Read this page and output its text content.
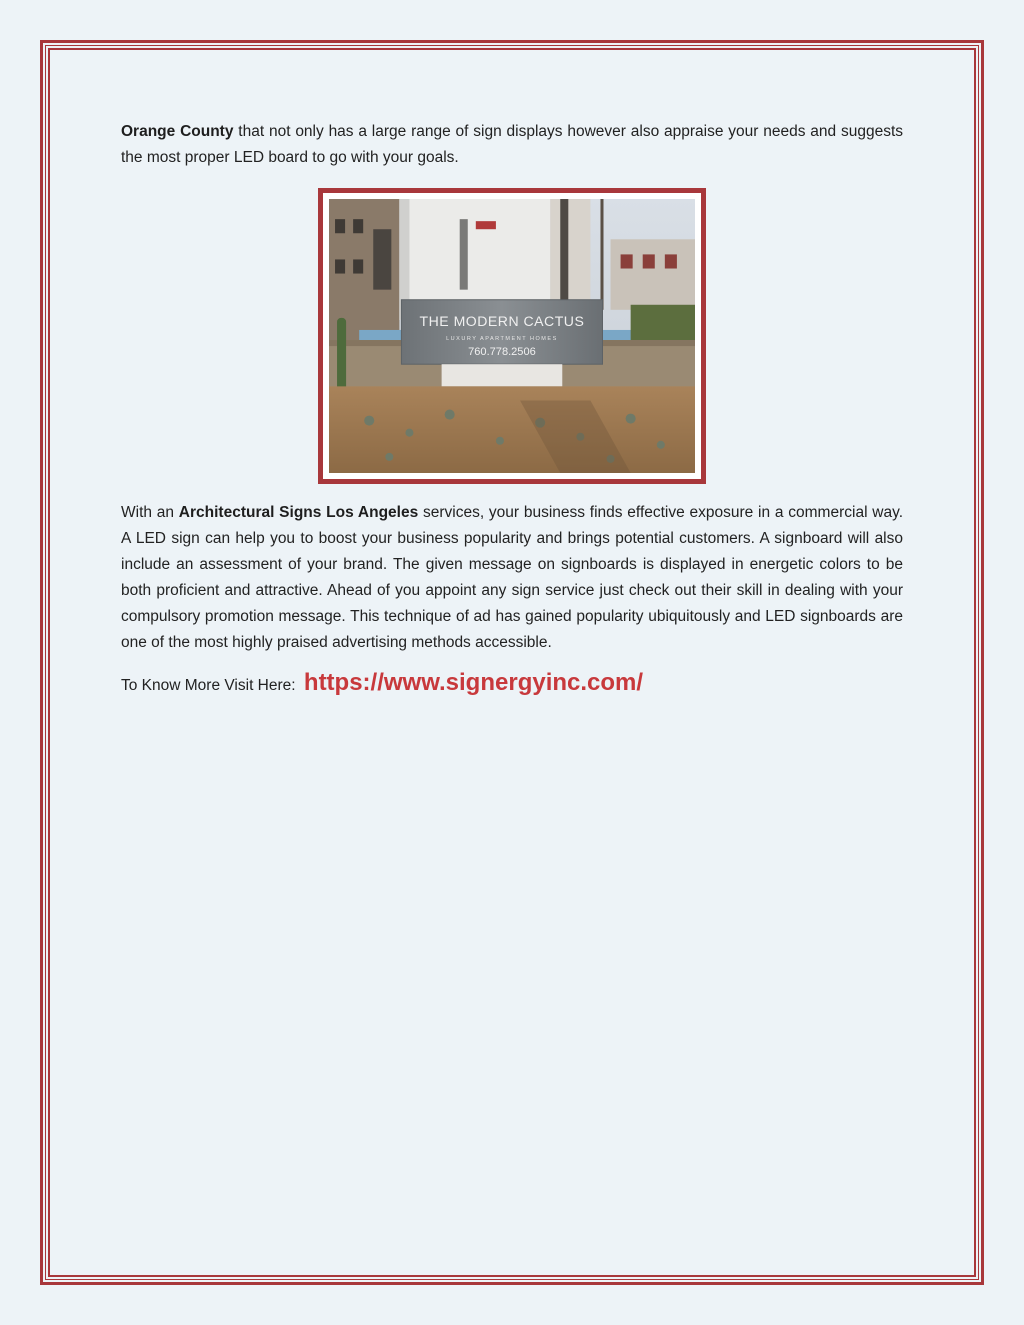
Orange County that not only has a large range of sign displays however also appraise your needs and suggests the most proper LED board to go with your goals.

THE MODERN CACTUS
LUXURY APARTMENT HOMES
760.778.2506

With an Architectural Signs Los Angeles services, your business finds effective exposure in a commercial way. A LED sign can help you to boost your business popularity and brings potential customers. A signboard will also include an assessment of your brand. The given message on signboards is displayed in energetic colors to be both proficient and attractive. Ahead of you appoint any sign service just check out their skill in dealing with your compulsory promotion message. This technique of ad has gained popularity ubiquitously and LED signboards are one of the most highly praised advertising methods accessible.

To Know More Visit Here: https://www.signergyinc.com/
